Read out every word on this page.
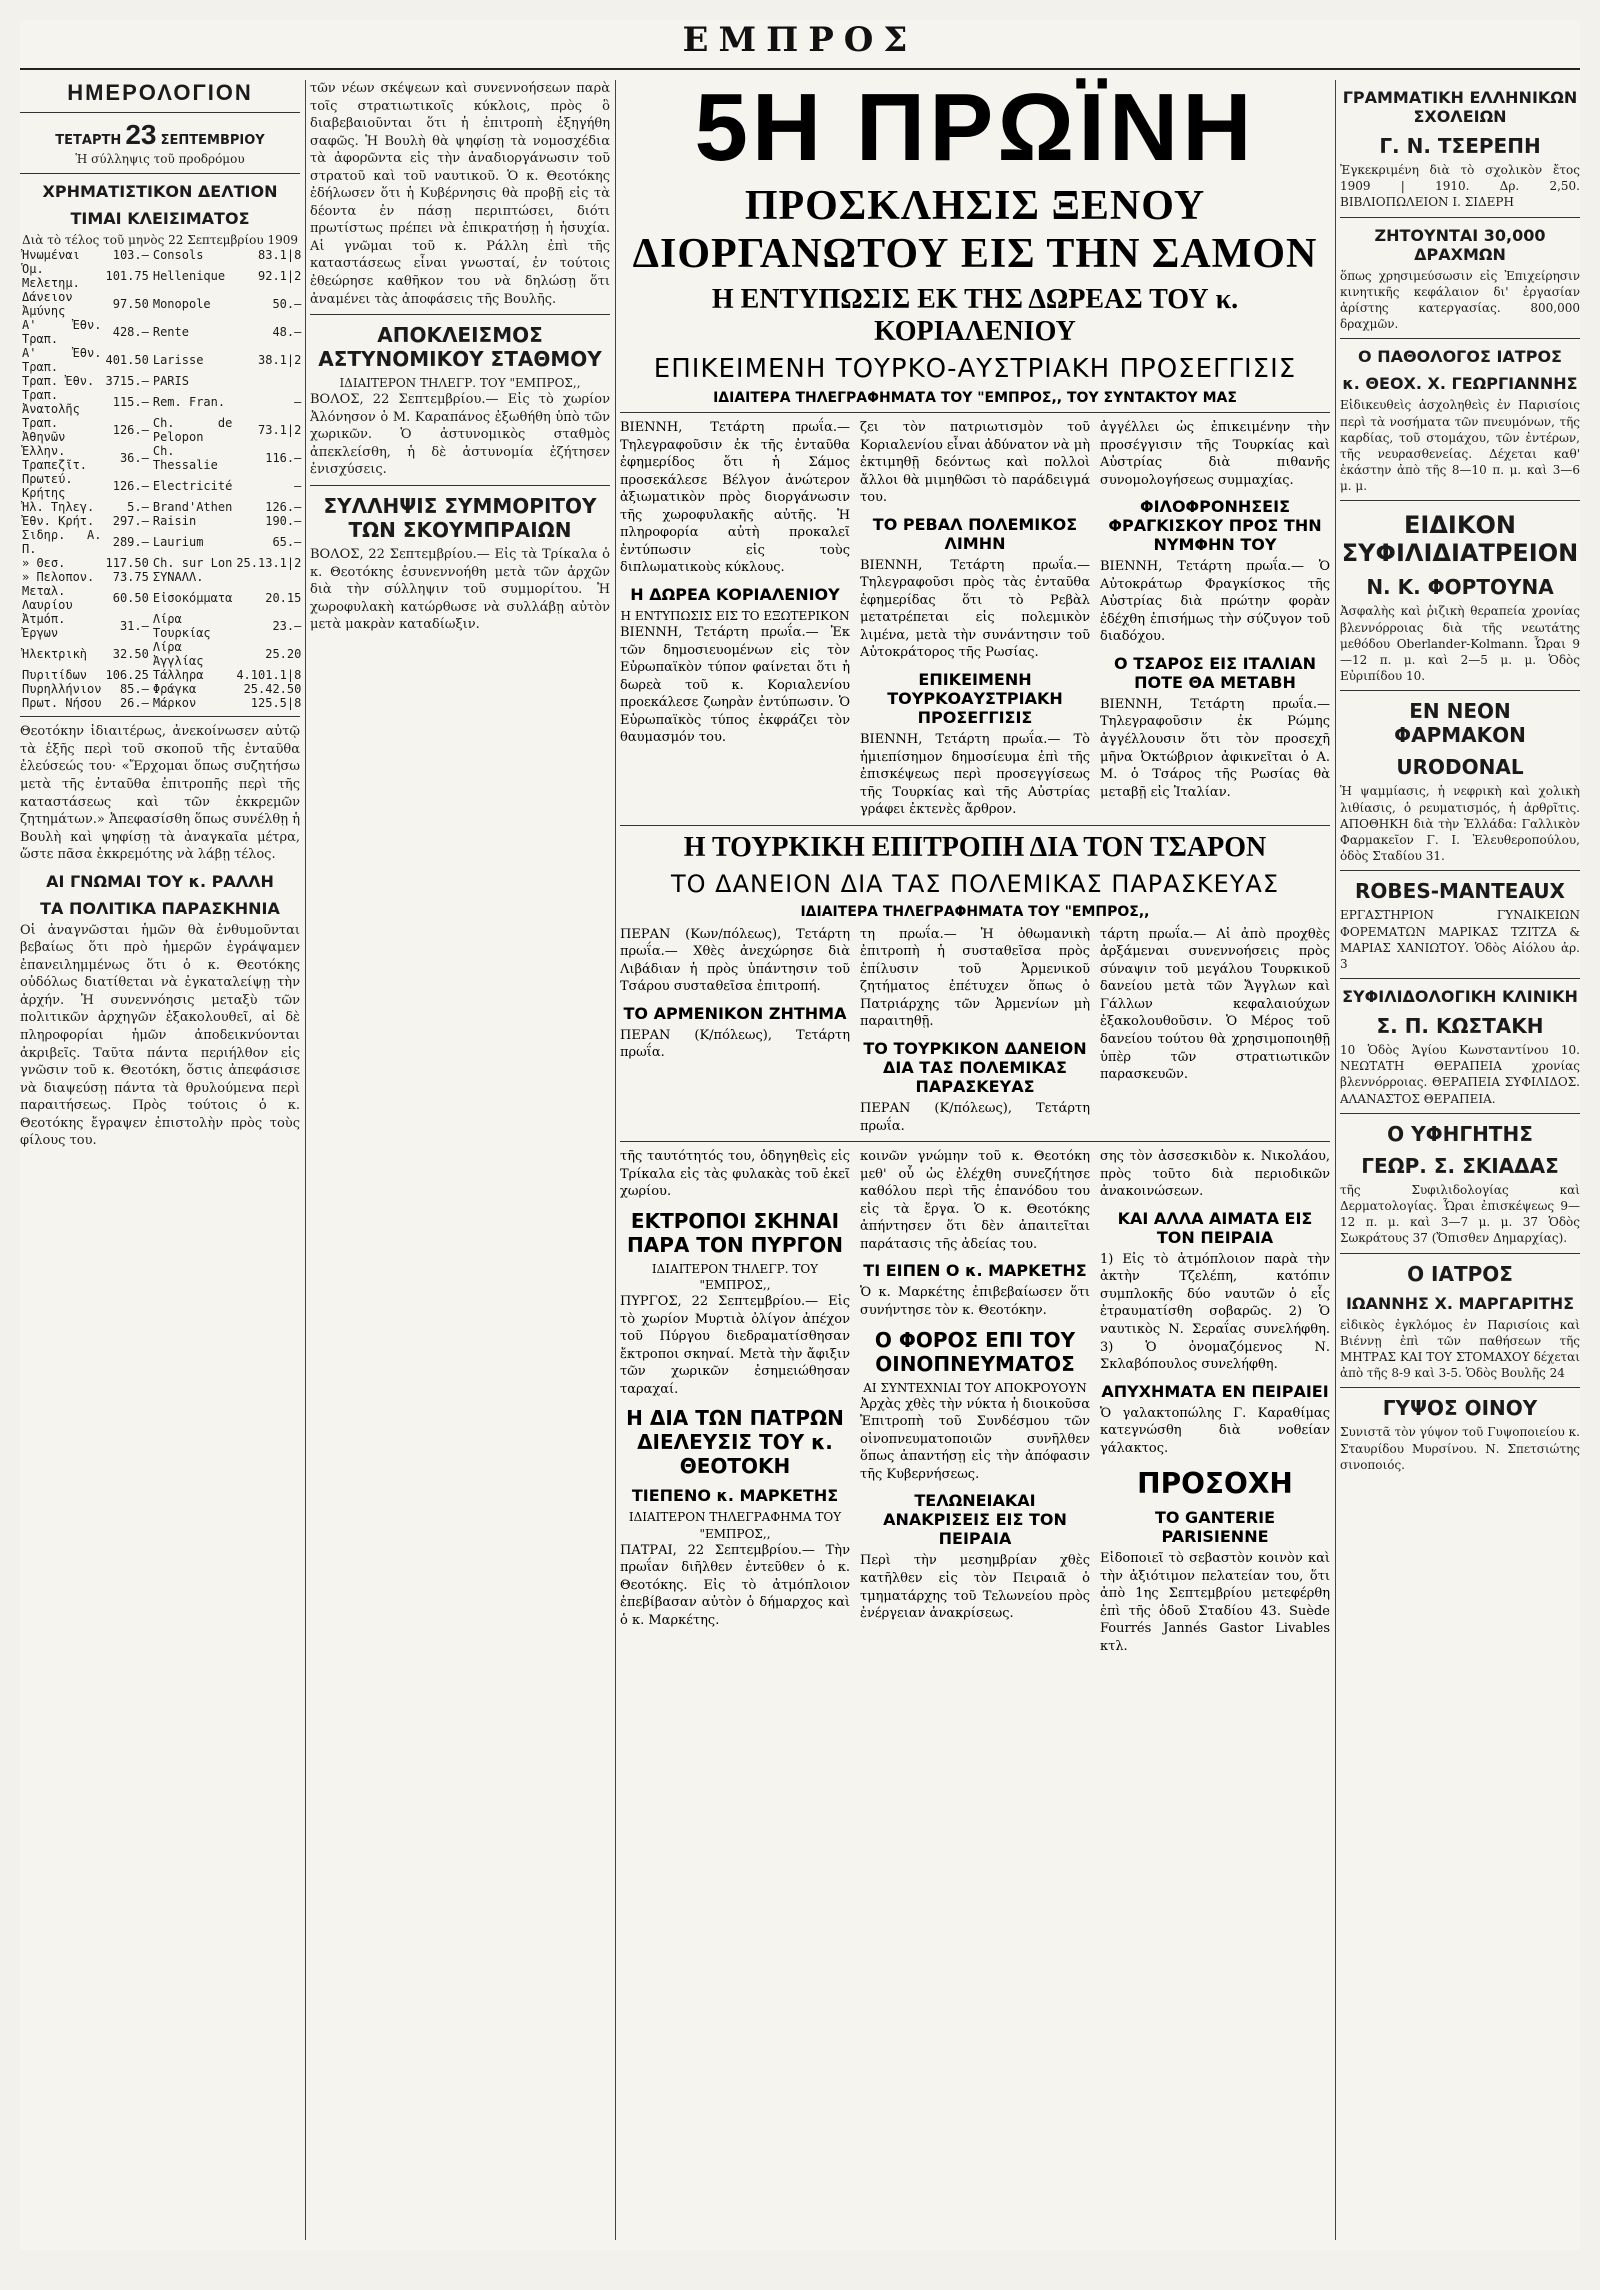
ΕΜΠΡΟΣ
ΗΜΕΡΟΛΟΓΙΟΝ
ΤΕΤΑΡΤΗ 23 ΣΕΠΤΕΜΒΡΙΟΥ
Ἡ σύλληψις τοῦ προδρόμου
ΧΡΗΜΑΤΙΣΤΙΚΟΝ ΔΕΛΤΙΟΝ
ΤΙΜΑΙ ΚΛΕΙΣΙΜΑΤΟΣ
Διὰ τὸ τέλος τοῦ μηνὸς 22 Σεπτεμβρίου 1909
Ἠνωμέναι	103.—	Consols	83.1|8
Ὁμ. Μελετημ.	101.75	Hellenique	92.1|2
Δάνειον Ἀμύνης	97.50	Monopole	50.—
Α' Ἐθν. Τραπ.	428.—	Rente	48.—
Α' Ἐθν. Τραπ.	401.50	Larisse	38.1|2
Τραπ. Ἐθν.	3715.—	PARIS	
Τραπ. Ἀνατολῆς	115.—	Rem. Fran.	—
Τραπ. Ἀθηνῶν	126.—	Ch. de Pelopon	73.1|2
Ἑλλην. Τραπεζῖτ.	36.—	Ch. Thessalie	116.—
Πρωτεύ. Κρήτης	126.—	Electricité	—
Ἠλ. Τηλεγ.	5.—	Brand'Athen	126.—
Ἐθν. Κρήτ.	297.—	Raisin	190.—
Σιδηρ. Α. Π.	289.—	Laurium	65.—
» Θεσ.	117.50	Ch. sur Lon	25.13.1|2
» Πελοπον.	73.75	ΣΥΝΑΛΛ.	
Μεταλ. Λαυρίου	60.50	Εἰσοκόμματα	20.15
Ἀτμόπ. Ἐργων	31.—	Λίρα Τουρκίας	23.—
Ἠλεκτρικὴ	32.50	Λίρα Ἀγγλίας	25.20
Πυριτίδων	106.25	Τάλληρα	4.101.1|8
Πυρηλλήνιον	85.—	Φράγκα	25.42.50
Πρωτ. Νήσου	26.—	Μάρκον	125.5|8
Θεοτόκην ἰδιαιτέρως, ἀνεκοίνωσεν αὐτῷ τὰ ἑξῆς περὶ τοῦ σκοποῦ τῆς ἐνταῦθα ἐλεύσεώς του· «Ἔρχομαι ὅπως συζητήσω μετὰ τῆς ἐνταῦθα ἐπιτροπῆς περὶ τῆς καταστάσεως καὶ τῶν ἐκκρεμῶν ζητημάτων.» Ἀπεφασίσθη ὅπως συνέλθῃ ἡ Βουλὴ καὶ ψηφίσῃ τὰ ἀναγκαῖα μέτρα, ὥστε πᾶσα ἐκκρεμότης νὰ λάβῃ τέλος.
ΑΙ ΓΝΩΜΑΙ ΤΟΥ κ. ΡΑΛΛΗ
ΤΑ ΠΟΛΙΤΙΚΑ ΠΑΡΑΣΚΗΝΙΑ
Οἱ ἀναγνῶσται ἡμῶν θὰ ἐνθυμοῦνται βεβαίως ὅτι πρὸ ἡμερῶν ἐγράψαμεν ἐπανειλημμένως ὅτι ὁ κ. Θεοτόκης οὐδόλως διατίθεται νὰ ἐγκαταλείψῃ τὴν ἀρχήν. Ἡ συνεννόησις μεταξὺ τῶν πολιτικῶν ἀρχηγῶν ἐξακολουθεῖ, αἱ δὲ πληροφορίαι ἡμῶν ἀποδεικνύονται ἀκριβεῖς. Ταῦτα πάντα περιήλθον εἰς γνῶσιν τοῦ κ. Θεοτόκη, ὅστις ἀπεφάσισε νὰ διαψεύσῃ πάντα τὰ θρυλούμενα περὶ παραιτήσεως. Πρὸς τούτοις ὁ κ. Θεοτόκης ἔγραψεν ἐπιστολὴν πρὸς τοὺς φίλους του.
τῶν νέων σκέψεων καὶ συνεννοήσεων παρὰ τοῖς στρατιωτικοῖς κύκλοις, πρὸς ὃ διαβεβαιοῦνται ὅτι ἡ ἐπιτροπὴ ἐξηγήθη σαφῶς. Ἡ Βουλὴ θὰ ψηφίσῃ τὰ νομοσχέδια τὰ ἀφορῶντα εἰς τὴν ἀναδιοργάνωσιν τοῦ στρατοῦ καὶ τοῦ ναυτικοῦ. Ὁ κ. Θεοτόκης ἐδήλωσεν ὅτι ἡ Κυβέρνησις θὰ προβῇ εἰς τὰ δέοντα ἐν πάσῃ περιπτώσει, διότι πρωτίστως πρέπει νὰ ἐπικρατήσῃ ἡ ἡσυχία. Αἱ γνῶμαι τοῦ κ. Ράλλη ἐπὶ τῆς καταστάσεως εἶναι γνωσταί, ἐν τούτοις ἐθεώρησε καθῆκον του νὰ δηλώσῃ ὅτι ἀναμένει τὰς ἀποφάσεις τῆς Βουλῆς.
ΑΠΟΚΛΕΙΣΜΟΣ ΑΣΤΥΝΟΜΙΚΟΥ ΣΤΑΘΜΟΥ
ΙΔΙΑΙΤΕΡΟΝ ΤΗΛΕΓΡ. ΤΟΥ "ΕΜΠΡΟΣ,,
ΒΟΛΟΣ, 22 Σεπτεμβρίου.— Εἰς τὸ χωρίον Ἀλόνησον ὁ Μ. Καραπάνος ἐξωθήθη ὑπὸ τῶν χωρικῶν. Ὁ ἀστυνομικὸς σταθμὸς ἀπεκλείσθη, ἡ δὲ ἀστυνομία ἐζήτησεν ἐνισχύσεις.
ΣΥΛΛΗΨΙΣ ΣΥΜΜΟΡΙΤΟΥ ΤΩΝ ΣΚΟΥΜΠΡΑΙΩΝ
ΒΟΛΟΣ, 22 Σεπτεμβρίου.— Εἰς τὰ Τρίκαλα ὁ κ. Θεοτόκης ἐσυνεννοήθη μετὰ τῶν ἀρχῶν διὰ τὴν σύλληψιν τοῦ συμμορίτου. Ἡ χωροφυλακὴ κατώρθωσε νὰ συλλάβῃ αὐτὸν μετὰ μακρὰν καταδίωξιν.
5Η ΠΡΩΪΝΗ
ΠΡΟΣΚΛΗΣΙΣ ΞΕΝΟΥ ΔΙΟΡΓΑΝΩΤΟΥ ΕΙΣ ΤΗΝ ΣΑΜΟΝ
Η ΕΝΤΥΠΩΣΙΣ ΕΚ ΤΗΣ ΔΩΡΕΑΣ ΤΟΥ κ. ΚΟΡΙΑΛΕΝΙΟΥ
ΕΠΙΚΕΙΜΕΝΗ ΤΟΥΡΚΟ-ΑΥΣΤΡΙΑΚΗ ΠΡΟΣΕΓΓΙΣΙΣ
ΙΔΙΑΙΤΕΡΑ ΤΗΛΕΓΡΑΦΗΜΑΤΑ ΤΟΥ "ΕΜΠΡΟΣ,, ΤΟΥ ΣΥΝΤΑΚΤΟΥ ΜΑΣ
ΒΙΕΝΝΗ, Τετάρτη πρωΐα.— Τηλεγραφοῦσιν ἐκ τῆς ἐνταῦθα ἐφημερίδος ὅτι ἡ Σάμος προσεκάλεσε Βέλγον ἀνώτερον ἀξιωματικὸν πρὸς διοργάνωσιν τῆς χωροφυλακῆς αὐτῆς. Ἡ πληροφορία αὐτὴ προκαλεῖ ἐντύπωσιν εἰς τοὺς διπλωματικοὺς κύκλους.
Η ΔΩΡΕΑ ΚΟΡΙΑΛΕΝΙΟΥ
Η ΕΝΤΥΠΩΣΙΣ ΕΙΣ ΤΟ ΕΞΩΤΕΡΙΚΟΝ
ΒΙΕΝΝΗ, Τετάρτη πρωΐα.— Ἐκ τῶν δημοσιευομένων εἰς τὸν Εὐρωπαϊκὸν τύπον φαίνεται ὅτι ἡ δωρεὰ τοῦ κ. Κοριαλενίου προεκάλεσε ζωηρὰν ἐντύπωσιν. Ὁ Εὐρωπαϊκὸς τύπος ἐκφράζει τὸν θαυμασμόν του.
ζει τὸν πατριωτισμὸν τοῦ Κοριαλενίου εἶναι ἀδύνατον νὰ μὴ ἐκτιμηθῇ δεόντως καὶ πολλοὶ ἄλλοι θὰ μιμηθῶσι τὸ παράδειγμά του.
ΤΟ ΡΕΒΑΛ ΠΟΛΕΜΙΚΟΣ ΛΙΜΗΝ
ΒΙΕΝΝΗ, Τετάρτη πρωΐα.— Τηλεγραφοῦσι πρὸς τὰς ἐνταῦθα ἐφημερίδας ὅτι τὸ Ρεβὰλ μετατρέπεται εἰς πολεμικὸν λιμένα, μετὰ τὴν συνάντησιν τοῦ Αὐτοκράτορος τῆς Ρωσίας.
ΕΠΙΚΕΙΜΕΝΗ ΤΟΥΡΚΟΑΥΣΤΡΙΑΚΗ ΠΡΟΣΕΓΓΙΣΙΣ
ΒΙΕΝΝΗ, Τετάρτη πρωΐα.— Τὸ ἡμιεπίσημον δημοσίευμα ἐπὶ τῆς ἐπισκέψεως περὶ προσεγγίσεως τῆς Τουρκίας καὶ τῆς Αὐστρίας γράφει ἐκτενὲς ἄρθρον.
ἀγγέλλει ὡς ἐπικειμένην τὴν προσέγγισιν τῆς Τουρκίας καὶ Αὐστρίας διὰ πιθανῆς συνομολογήσεως συμμαχίας.
ΦΙΛΟΦΡΟΝΗΣΕΙΣ ΦΡΑΓΚΙΣΚΟΥ ΠΡΟΣ ΤΗΝ ΝΥΜΦΗΝ ΤΟΥ
ΒΙΕΝΝΗ, Τετάρτη πρωΐα.— Ὁ Αὐτοκράτωρ Φραγκίσκος τῆς Αὐστρίας διὰ πρώτην φορὰν ἐδέχθη ἐπισήμως τὴν σύζυγον τοῦ διαδόχου.
Ο ΤΣΑΡΟΣ ΕΙΣ ΙΤΑΛΙΑΝ ΠΟΤΕ ΘΑ ΜΕΤΑΒΗ
ΒΙΕΝΝΗ, Τετάρτη πρωΐα.— Τηλεγραφοῦσιν ἐκ Ρώμης ἀγγέλλουσιν ὅτι τὸν προσεχῆ μῆνα Ὀκτώβριον ἀφικνεῖται ὁ Α. Μ. ὁ Τσάρος τῆς Ρωσίας θὰ μεταβῇ εἰς Ἰταλίαν.
Η ΤΟΥΡΚΙΚΗ ΕΠΙΤΡΟΠΗ ΔΙΑ ΤΟΝ ΤΣΑΡΟΝ
ΤΟ ΔΑΝΕΙΟΝ ΔΙΑ ΤΑΣ ΠΟΛΕΜΙΚΑΣ ΠΑΡΑΣΚΕΥΑΣ
ΙΔΙΑΙΤΕΡΑ ΤΗΛΕΓΡΑΦΗΜΑΤΑ ΤΟΥ "ΕΜΠΡΟΣ,,
ΠΕΡΑΝ (Κων/πόλεως), Τετάρτη πρωΐα.— Χθὲς ἀνεχώρησε διὰ Λιβάδιαν ἡ πρὸς ὑπάντησιν τοῦ Τσάρου συσταθεῖσα ἐπιτροπή.
ΤΟ ΑΡΜΕΝΙΚΟΝ ΖΗΤΗΜΑ
ΠΕΡΑΝ (Κ/πόλεως), Τετάρτη πρωΐα.
τη πρωΐα.— Ἡ ὀθωμανικὴ ἐπιτροπὴ ἡ συσταθεῖσα πρὸς ἐπίλυσιν τοῦ Ἀρμενικοῦ ζητήματος ἐπέτυχεν ὅπως ὁ Πατριάρχης τῶν Ἀρμενίων μὴ παραιτηθῇ.
ΤΟ ΤΟΥΡΚΙΚΟΝ ΔΑΝΕΙΟΝ ΔΙΑ ΤΑΣ ΠΟΛΕΜΙΚΑΣ ΠΑΡΑΣΚΕΥΑΣ
ΠΕΡΑΝ (Κ/πόλεως), Τετάρτη πρωΐα.
τάρτη πρωΐα.— Αἱ ἀπὸ προχθὲς ἀρξάμεναι συνεννοήσεις πρὸς σύναψιν τοῦ μεγάλου Τουρκικοῦ δανείου μετὰ τῶν Ἄγγλων καὶ Γάλλων κεφαλαιούχων ἐξακολουθοῦσιν. Ὁ Μέρος τοῦ δανείου τούτου θὰ χρησιμοποιηθῇ ὑπὲρ τῶν στρατιωτικῶν παρασκευῶν.
τῆς ταυτότητός του, ὁδηγηθεὶς εἰς Τρίκαλα εἰς τὰς φυλακὰς τοῦ ἐκεῖ χωρίου.
ΕΚΤΡΟΠΟΙ ΣΚΗΝΑΙ ΠΑΡΑ ΤΟΝ ΠΥΡΓΟΝ
ΙΔΙΑΙΤΕΡΟΝ ΤΗΛΕΓΡ. ΤΟΥ "ΕΜΠΡΟΣ,,
ΠΥΡΓΟΣ, 22 Σεπτεμβρίου.— Εἰς τὸ χωρίον Μυρτιὰ ὀλίγον ἀπέχον τοῦ Πύργου διεδραματίσθησαν ἔκτροποι σκηναί. Μετὰ τὴν ἄφιξιν τῶν χωρικῶν ἐσημειώθησαν ταραχαί.
Η ΔΙΑ ΤΩΝ ΠΑΤΡΩΝ ΔΙΕΛΕΥΣΙΣ ΤΟΥ κ. ΘΕΟΤΟΚΗ
ΤΙΕΠΕΝΟ κ. ΜΑΡΚΕΤΗΣ
ΙΔΙΑΙΤΕΡΟΝ ΤΗΛΕΓΡΑΦΗΜΑ ΤΟΥ "ΕΜΠΡΟΣ,,
ΠΑΤΡΑΙ, 22 Σεπτεμβρίου.— Τὴν πρωΐαν διῆλθεν ἐντεῦθεν ὁ κ. Θεοτόκης. Εἰς τὸ ἀτμόπλοιον ἐπεβίβασαν αὐτὸν ὁ δήμαρχος καὶ ὁ κ. Μαρκέτης.
κοινῶν γνώμην τοῦ κ. Θεοτόκη μεθ' οὗ ὡς ἐλέχθη συνεζήτησε καθόλου περὶ τῆς ἐπανόδου του εἰς τὰ ἔργα. Ὁ κ. Θεοτόκης ἀπήντησεν ὅτι δὲν ἀπαιτεῖται παράτασις τῆς ἀδείας του.
ΤΙ ΕΙΠΕΝ Ο κ. ΜΑΡΚΕΤΗΣ
Ὁ κ. Μαρκέτης ἐπιβεβαίωσεν ὅτι συνήντησε τὸν κ. Θεοτόκην.
Ο ΦΟΡΟΣ ΕΠΙ ΤΟΥ ΟΙΝΟΠΝΕΥΜΑΤΟΣ
ΑΙ ΣΥΝΤΕΧΝΙΑΙ ΤΟΥ ΑΠΟΚΡΟΥΟΥΝ
Ἀρχὰς χθὲς τὴν νύκτα ἡ διοικοῦσα Ἐπιτροπὴ τοῦ Συνδέσμου τῶν οἰνοπνευματοποιῶν συνῆλθεν ὅπως ἀπαντήσῃ εἰς τὴν ἀπόφασιν τῆς Κυβερνήσεως.
ΤΕΛΩΝΕΙΑΚΑΙ ΑΝΑΚΡΙΣΕΙΣ ΕΙΣ ΤΟΝ ΠΕΙΡΑΙΑ
Περὶ τὴν μεσημβρίαν χθὲς κατῆλθεν εἰς τὸν Πειραιᾶ ὁ τμηματάρχης τοῦ Τελωνείου πρὸς ἐνέργειαν ἀνακρίσεως.
σης τὸν ἀσσεσκιδὸν κ. Νικολάου, πρὸς τοῦτο διὰ περιοδικῶν ἀνακοινώσεων.
ΚΑΙ ΑΛΛΑ ΑΙΜΑΤΑ ΕΙΣ ΤΟΝ ΠΕΙΡΑΙΑ
1) Εἰς τὸ ἀτμόπλοιον παρὰ τὴν ἀκτὴν Τζελέπη, κατόπιν συμπλοκῆς δύο ναυτῶν ὁ εἷς ἐτραυματίσθη σοβαρῶς. 2) Ὁ ναυτικὸς Ν. Σεραΐας συνελήφθη. 3) Ὁ ὀνομαζόμενος Ν. Σκλαβόπουλος συνελήφθη.
ΑΠΥΧΗΜΑΤΑ ΕΝ ΠΕΙΡΑΙΕΙ
Ὁ γαλακτοπώλης Γ. Καραθίμας κατεγνώσθη διὰ νοθείαν γάλακτος.
ΠΡΟΣΟΧΗ
ΤΟ GANTERIE PARISIENNE
Εἰδοποιεῖ τὸ σεβαστὸν κοινὸν καὶ τὴν ἀξιότιμον πελατείαν του, ὅτι ἀπὸ 1ης Σεπτεμβρίου μετεφέρθη ἐπὶ τῆς ὁδοῦ Σταδίου 43. Suède Fourrés Jannés Gastor Livables κτλ.
ΓΡΑΜΜΑΤΙΚΗ ΕΛΛΗΝΙΚΩΝ ΣΧΟΛΕΙΩΝ
Γ. Ν. ΤΣΕΡΕΠΗ
Ἐγκεκριμένη διὰ τὸ σχολικὸν ἔτος 1909 | 1910. Δρ. 2,50. ΒΙΒΛΙΟΠΩΛΕΙΟΝ Ι. ΣΙΔΕΡΗ
ΖΗΤΟΥΝΤΑΙ 30,000 ΔΡΑΧΜΩΝ
ὅπως χρησιμεύσωσιν εἰς Ἐπιχείρησιν κινητικῆς κεφάλαιον δι' ἐργασίαν ἀρίστης κατεργασίας. 800,000 δραχμῶν.
Ο ΠΑΘΟΛΟΓΟΣ ΙΑΤΡΟΣ
κ. ΘΕΟΧ. Χ. ΓΕΩΡΓΙΑΝΝΗΣ
Εἰδικευθεὶς ἀσχοληθεὶς ἐν Παρισίοις περὶ τὰ νοσήματα τῶν πνευμόνων, τῆς καρδίας, τοῦ στομάχου, τῶν ἐντέρων, τῆς νευρασθενείας. Δέχεται καθ' ἑκάστην ἀπὸ τῆς 8—10 π. μ. καὶ 3—6 μ. μ.
ΕΙΔΙΚΟΝ ΣΥΦΙΛΙΔΙΑΤΡΕΙΟΝ
Ν. Κ. ΦΟΡΤΟΥΝΑ
Ἀσφαλὴς καὶ ῥιζικὴ θεραπεία χρονίας βλεννόρροιας διὰ τῆς νεωτάτης μεθόδου Oberlander-Kolmann. Ὧραι 9—12 π. μ. καὶ 2—5 μ. μ. Ὁδὸς Εὐριπίδου 10.
ΕΝ ΝΕΟΝ ΦΑΡΜΑΚΟΝ
URODONAL
Ἡ ψαμμίασις, ἡ νεφρικὴ καὶ χολικὴ λιθίασις, ὁ ρευματισμός, ἡ ἀρθρῖτις. ΑΠΟΘΗΚΗ διὰ τὴν Ἑλλάδα: Γαλλικὸν Φαρμακεῖον Γ. Ι. Ἐλευθεροπούλου, ὁδὸς Σταδίου 31.
ROBES-MANTEAUX
ΕΡΓΑΣΤΗΡΙΟΝ ΓΥΝΑΙΚΕΙΩΝ ΦΟΡΕΜΑΤΩΝ ΜΑΡΙΚΑΣ ΤΖΙΤΖΑ & ΜΑΡΙΑΣ ΧΑΝΙΩΤΟΥ. Ὁδὸς Αἰόλου ἀρ. 3
ΣΥΦΙΛΙΔΟΛΟΓΙΚΗ ΚΛΙΝΙΚΗ
Σ. Π. ΚΩΣΤΑΚΗ
10 Ὁδὸς Ἁγίου Κωνσταντίνου 10. ΝΕΩΤΑΤΗ ΘΕΡΑΠΕΙΑ χρονίας βλεννόρροιας. ΘΕΡΑΠΕΙΑ ΣΥΦΙΛΙΔΟΣ. ΑΛΑΝΑΣΤΟΣ ΘΕΡΑΠΕΙΑ.
Ο ΥΦΗΓΗΤΗΣ
ΓΕΩΡ. Σ. ΣΚΙΑΔΑΣ
τῆς Συφιλιδολογίας καὶ Δερματολογίας. Ὧραι ἐπισκέψεως 9—12 π. μ. καὶ 3—7 μ. μ. 37 Ὁδὸς Σωκράτους 37 (Ὄπισθεν Δημαρχίας).
Ο ΙΑΤΡΟΣ
ΙΩΑΝΝΗΣ Χ. ΜΑΡΓΑΡΙΤΗΣ
εἰδικὸς ἐγκλόμος ἐν Παρισίοις καὶ Βιέννῃ ἐπὶ τῶν παθήσεων τῆς ΜΗΤΡΑΣ ΚΑΙ ΤΟΥ ΣΤΟΜΑΧΟΥ δέχεται ἀπὸ τῆς 8-9 καὶ 3-5. Ὁδὸς Βουλῆς 24
ΓΥΨΟΣ ΟΙΝΟΥ
Συνιστᾶ τὸν γύψον τοῦ Γυψοποιείου κ. Σταυρίδου Μυρσίνου. Ν. Σπετσιώτης σινοποιός.
